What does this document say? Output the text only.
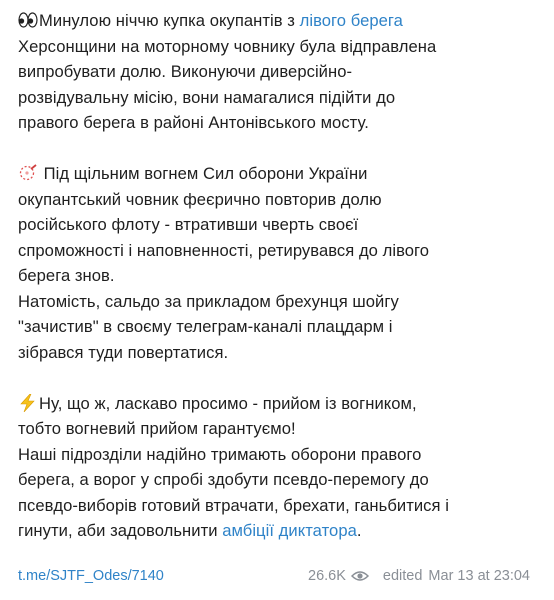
Минулою ніччю купка окупантів з лівого берега
Херсонщини на моторному човнику була відправлена
випробувати долю. Виконуючи диверсійно-
розвідувальну місію, вони намагалися підійти до
правого берега в районі Антонівського мосту.
Під щільним вогнем Сил оборони України
окупантський човник феєрично повторив долю
російського флоту - втративши чверть своєї
спроможності і наповненності, ретирувався до лівого
берега знов.
Натомість, сальдо за прикладом брехунця шойгу
"зачистив" в своєму телеграм-каналі плацдарм і
зібрався туди повертатися.
Ну, що ж, ласкаво просимо - прийом із вогником,
тобто вогневий прийом гарантуємо!
Наші підрозділи надійно тримають оборони правого
берега, а ворог у спробі здобути псевдо-перемогу до
псевдо-виборів готовий втрачати, брехати, ганьбитися і
гинути, аби задовольнити амбіції диктатора.
t.me/SJTF_Odes/7140	26.6K	edited Mar 13 at 23:04
